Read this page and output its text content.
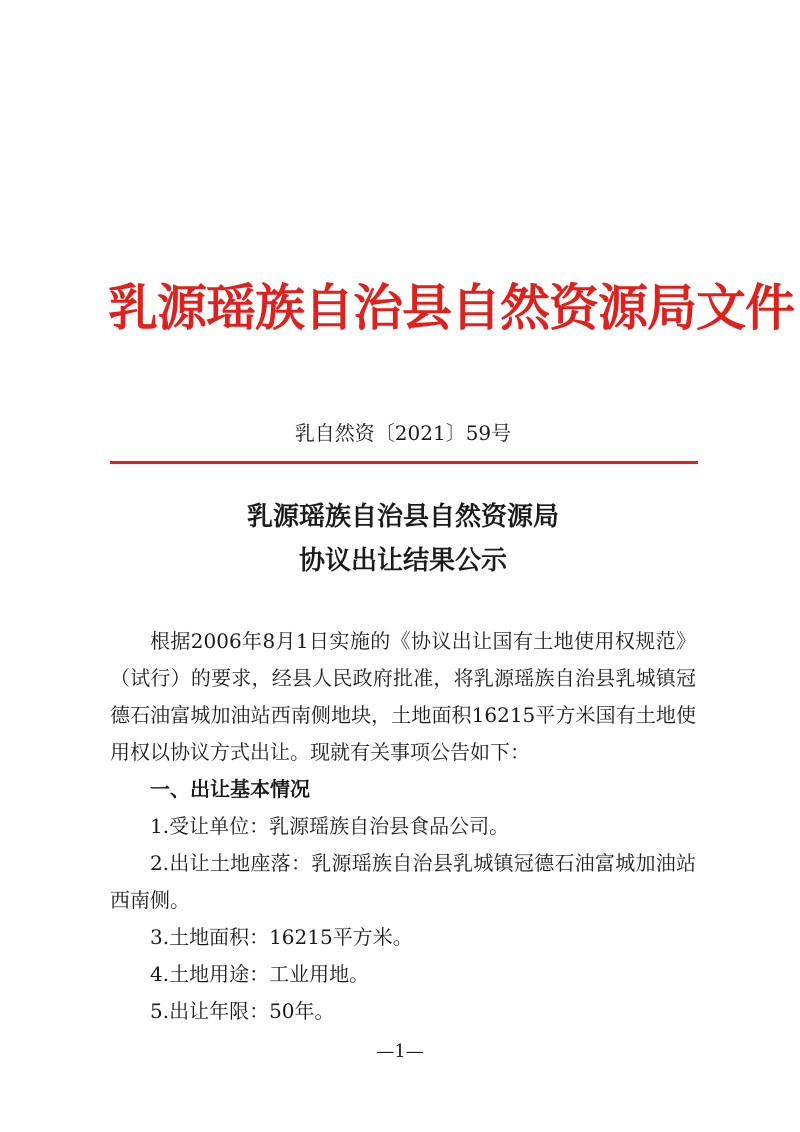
乳源瑶族自治县自然资源局文件
乳自然资〔2021〕59号
乳源瑶族自治县自然资源局
协议出让结果公示

根据2006年8月1日实施的《协议出让国有土地使用权规范》（试行）的要求，经县人民政府批准，将乳源瑶族自治县乳城镇冠德石油富城加油站西南侧地块，土地面积16215平方米国有土地使用权以协议方式出让。现就有关事项公告如下：

一、出让基本情况
1.受让单位：乳源瑶族自治县食品公司。
2.出让土地座落：乳源瑶族自治县乳城镇冠德石油富城加油站西南侧。
3.土地面积：16215平方米。
4.土地用途：工业用地。
5.出让年限：50年。
—1—
